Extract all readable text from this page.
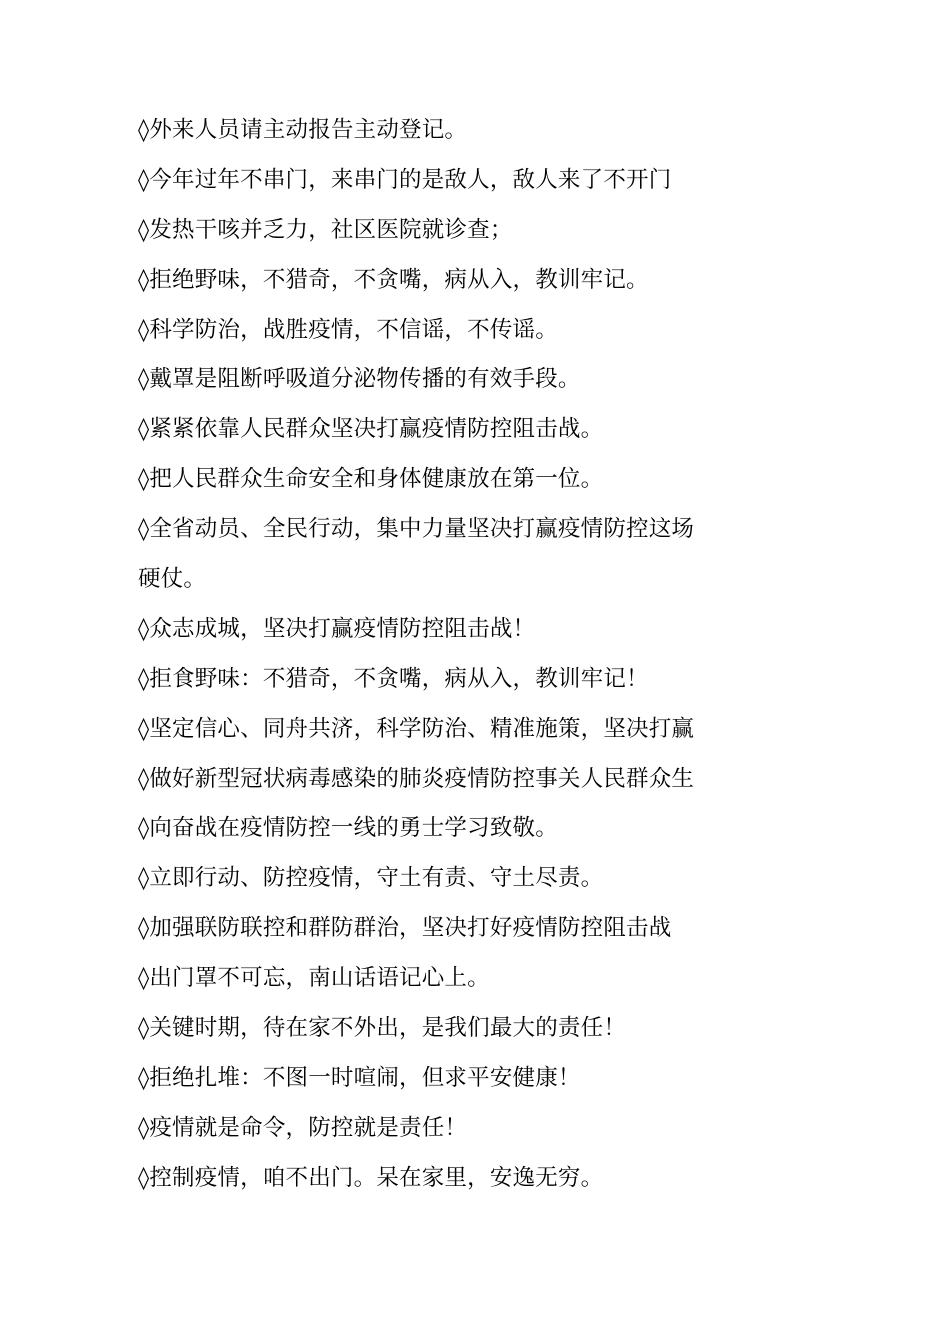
◊外来人员请主动报告主动登记。
◊今年过年不串门，来串门的是敌人，敌人来了不开门
◊发热干咳并乏力，社区医院就诊查；
◊拒绝野味，不猎奇，不贪嘴，病从入，教训牢记。
◊科学防治，战胜疫情，不信谣，不传谣。
◊戴罩是阻断呼吸道分泌物传播的有效手段。
◊紧紧依靠人民群众坚决打赢疫情防控阻击战。
◊把人民群众生命安全和身体健康放在第一位。
◊全省动员、全民行动，集中力量坚决打赢疫情防控这场
硬仗。
◊众志成城，坚决打赢疫情防控阻击战！
◊拒食野味：不猎奇，不贪嘴，病从入，教训牢记！
◊坚定信心、同舟共济，科学防治、精准施策，坚决打赢
◊做好新型冠状病毒感染的肺炎疫情防控事关人民群众生
◊向奋战在疫情防控一线的勇士学习致敬。
◊立即行动、防控疫情，守土有责、守土尽责。
◊加强联防联控和群防群治，坚决打好疫情防控阻击战
◊出门罩不可忘，南山话语记心上。
◊关键时期，待在家不外出，是我们最大的责任！
◊拒绝扎堆：不图一时喧闹，但求平安健康！
◊疫情就是命令，防控就是责任！
◊控制疫情，咱不出门。呆在家里，安逸无穷。
